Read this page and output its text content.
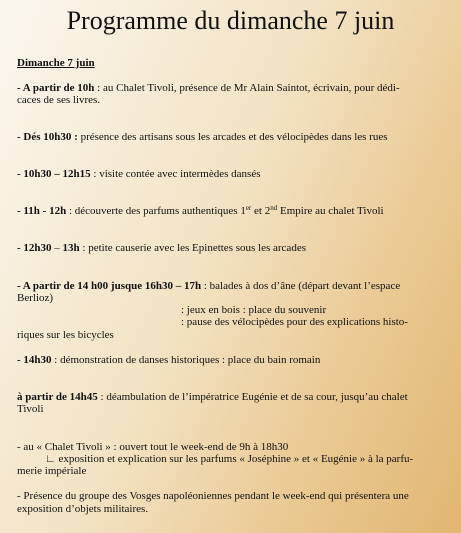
Programme du dimanche 7 juin
Dimanche 7 juin
- A partir de 10h : au Chalet Tivoli, présence de Mr Alain Saintot, écrivain, pour dédi-
caces de ses livres.
- Dés 10h30 : présence des artisans sous les arcades et des vélocipèdes dans les rues
- 10h30 – 12h15 : visite contée avec intermèdes dansés
- 11h - 12h : découverte des parfums authentiques 1er et 2nd Empire au chalet Tivoli
- 12h30 – 13h : petite causerie avec les Epinettes sous les arcades
- A partir de 14 h00 jusque 16h30 – 17h : balades à dos d’âne (départ devant l’espace
Berlioz)
: jeux en bois : place du souvenir
: pause des vélocipèdes pour des explications histo-
riques sur les bicycles
- 14h30 : démonstration de danses historiques : place du bain romain
à partir de 14h45 : déambulation de l’impératrice Eugénie et de sa cour, jusqu’au chalet
Tivoli
- au « Chalet Tivoli » : ouvert tout le week-end de 9h à 18h30
∟ exposition et explication sur les parfums « Joséphine » et « Eugénie » à la parfu-
merie impériale
- Présence du groupe des Vosges napoléoniennes pendant le week-end qui présentera une
exposition d’objets militaires.
